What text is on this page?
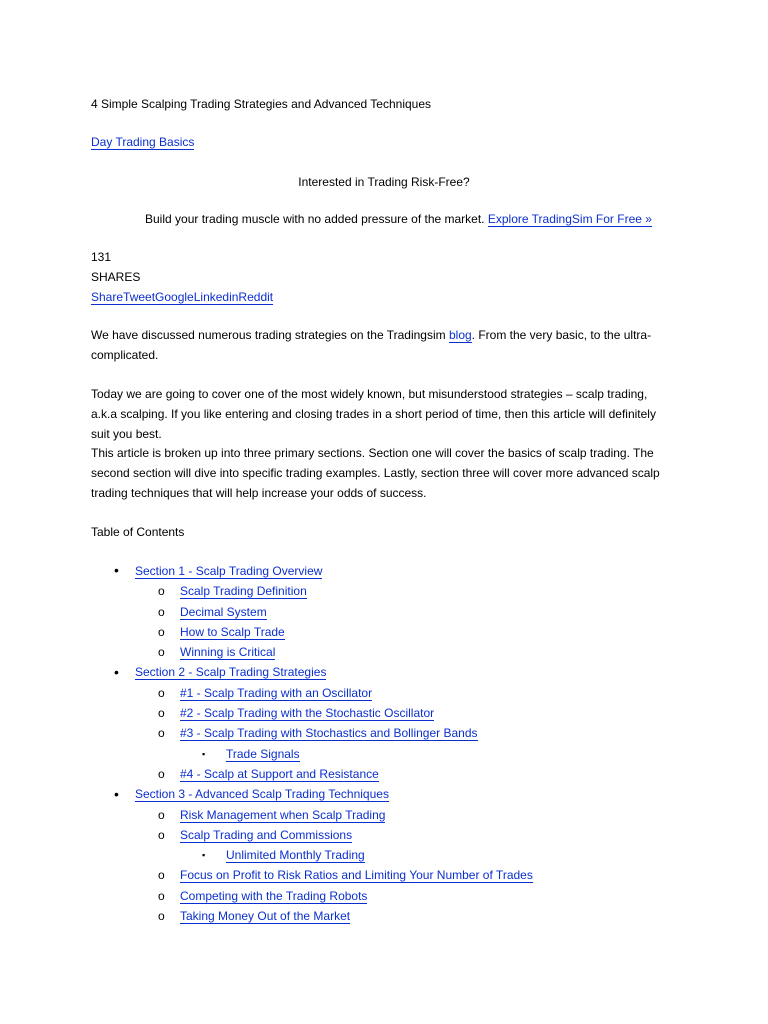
4 Simple Scalping Trading Strategies and Advanced Techniques
Day Trading Basics
Interested in Trading Risk-Free?
Build your trading muscle with no added pressure of the market. Explore TradingSim For Free »
131
SHARES
ShareTweetGoogleLinkedinReddit
We have discussed numerous trading strategies on the Tradingsim blog. From the very basic, to the ultra-complicated.
Today we are going to cover one of the most widely known, but misunderstood strategies – scalp trading, a.k.a scalping. If you like entering and closing trades in a short period of time, then this article will definitely suit you best.
This article is broken up into three primary sections. Section one will cover the basics of scalp trading. The second section will dive into specific trading examples. Lastly, section three will cover more advanced scalp trading techniques that will help increase your odds of success.
Table of Contents
• Section 1 - Scalp Trading Overview
o Scalp Trading Definition
o Decimal System
o How to Scalp Trade
o Winning is Critical
• Section 2 - Scalp Trading Strategies
o #1 - Scalp Trading with an Oscillator
o #2 - Scalp Trading with the Stochastic Oscillator
o #3 - Scalp Trading with Stochastics and Bollinger Bands
▪ Trade Signals
o #4 - Scalp at Support and Resistance
• Section 3 - Advanced Scalp Trading Techniques
o Risk Management when Scalp Trading
o Scalp Trading and Commissions
▪ Unlimited Monthly Trading
o Focus on Profit to Risk Ratios and Limiting Your Number of Trades
o Competing with the Trading Robots
o Taking Money Out of the Market
